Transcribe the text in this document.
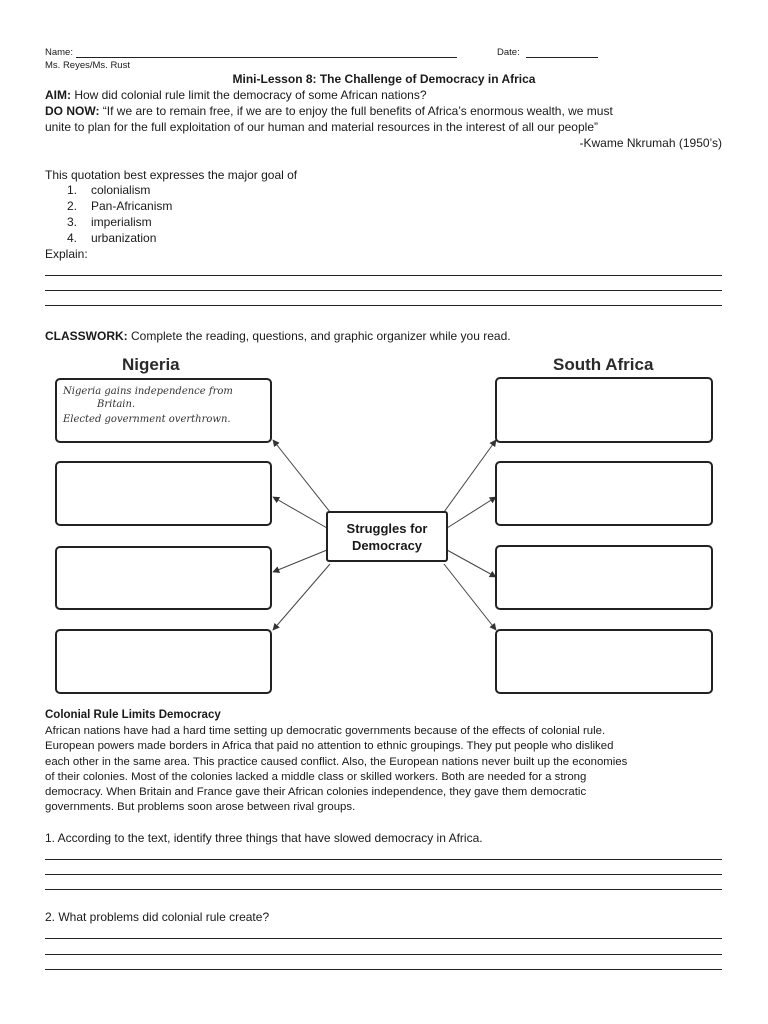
Name:	Date:
Ms. Reyes/Ms. Rust
Mini-Lesson 8: The Challenge of Democracy in Africa
AIM: How did colonial rule limit the democracy of some African nations?
DO NOW: “If we are to remain free, if we are to enjoy the full benefits of Africa’s enormous wealth, we must
unite to plan for the full exploitation of our human and material resources in the interest of all our people”
-Kwame Nkrumah (1950’s)
This quotation best expresses the major goal of
1. colonialism
2. Pan-Africanism
3. imperialism
4. urbanization
Explain:
CLASSWORK: Complete the reading, questions, and graphic organizer while you read.
Nigeria	South Africa
Nigeria gains independence from
Britain.
Elected government overthrown.
Struggles for
Democracy
Colonial Rule Limits Democracy
African nations have had a hard time setting up democratic governments because of the effects of colonial rule.
European powers made borders in Africa that paid no attention to ethnic groupings. They put people who disliked
each other in the same area. This practice caused conflict. Also, the European nations never built up the economies
of their colonies. Most of the colonies lacked a middle class or skilled workers. Both are needed for a strong
democracy. When Britain and France gave their African colonies independence, they gave them democratic
governments. But problems soon arose between rival groups.
1. According to the text, identify three things that have slowed democracy in Africa.
2. What problems did colonial rule create?
